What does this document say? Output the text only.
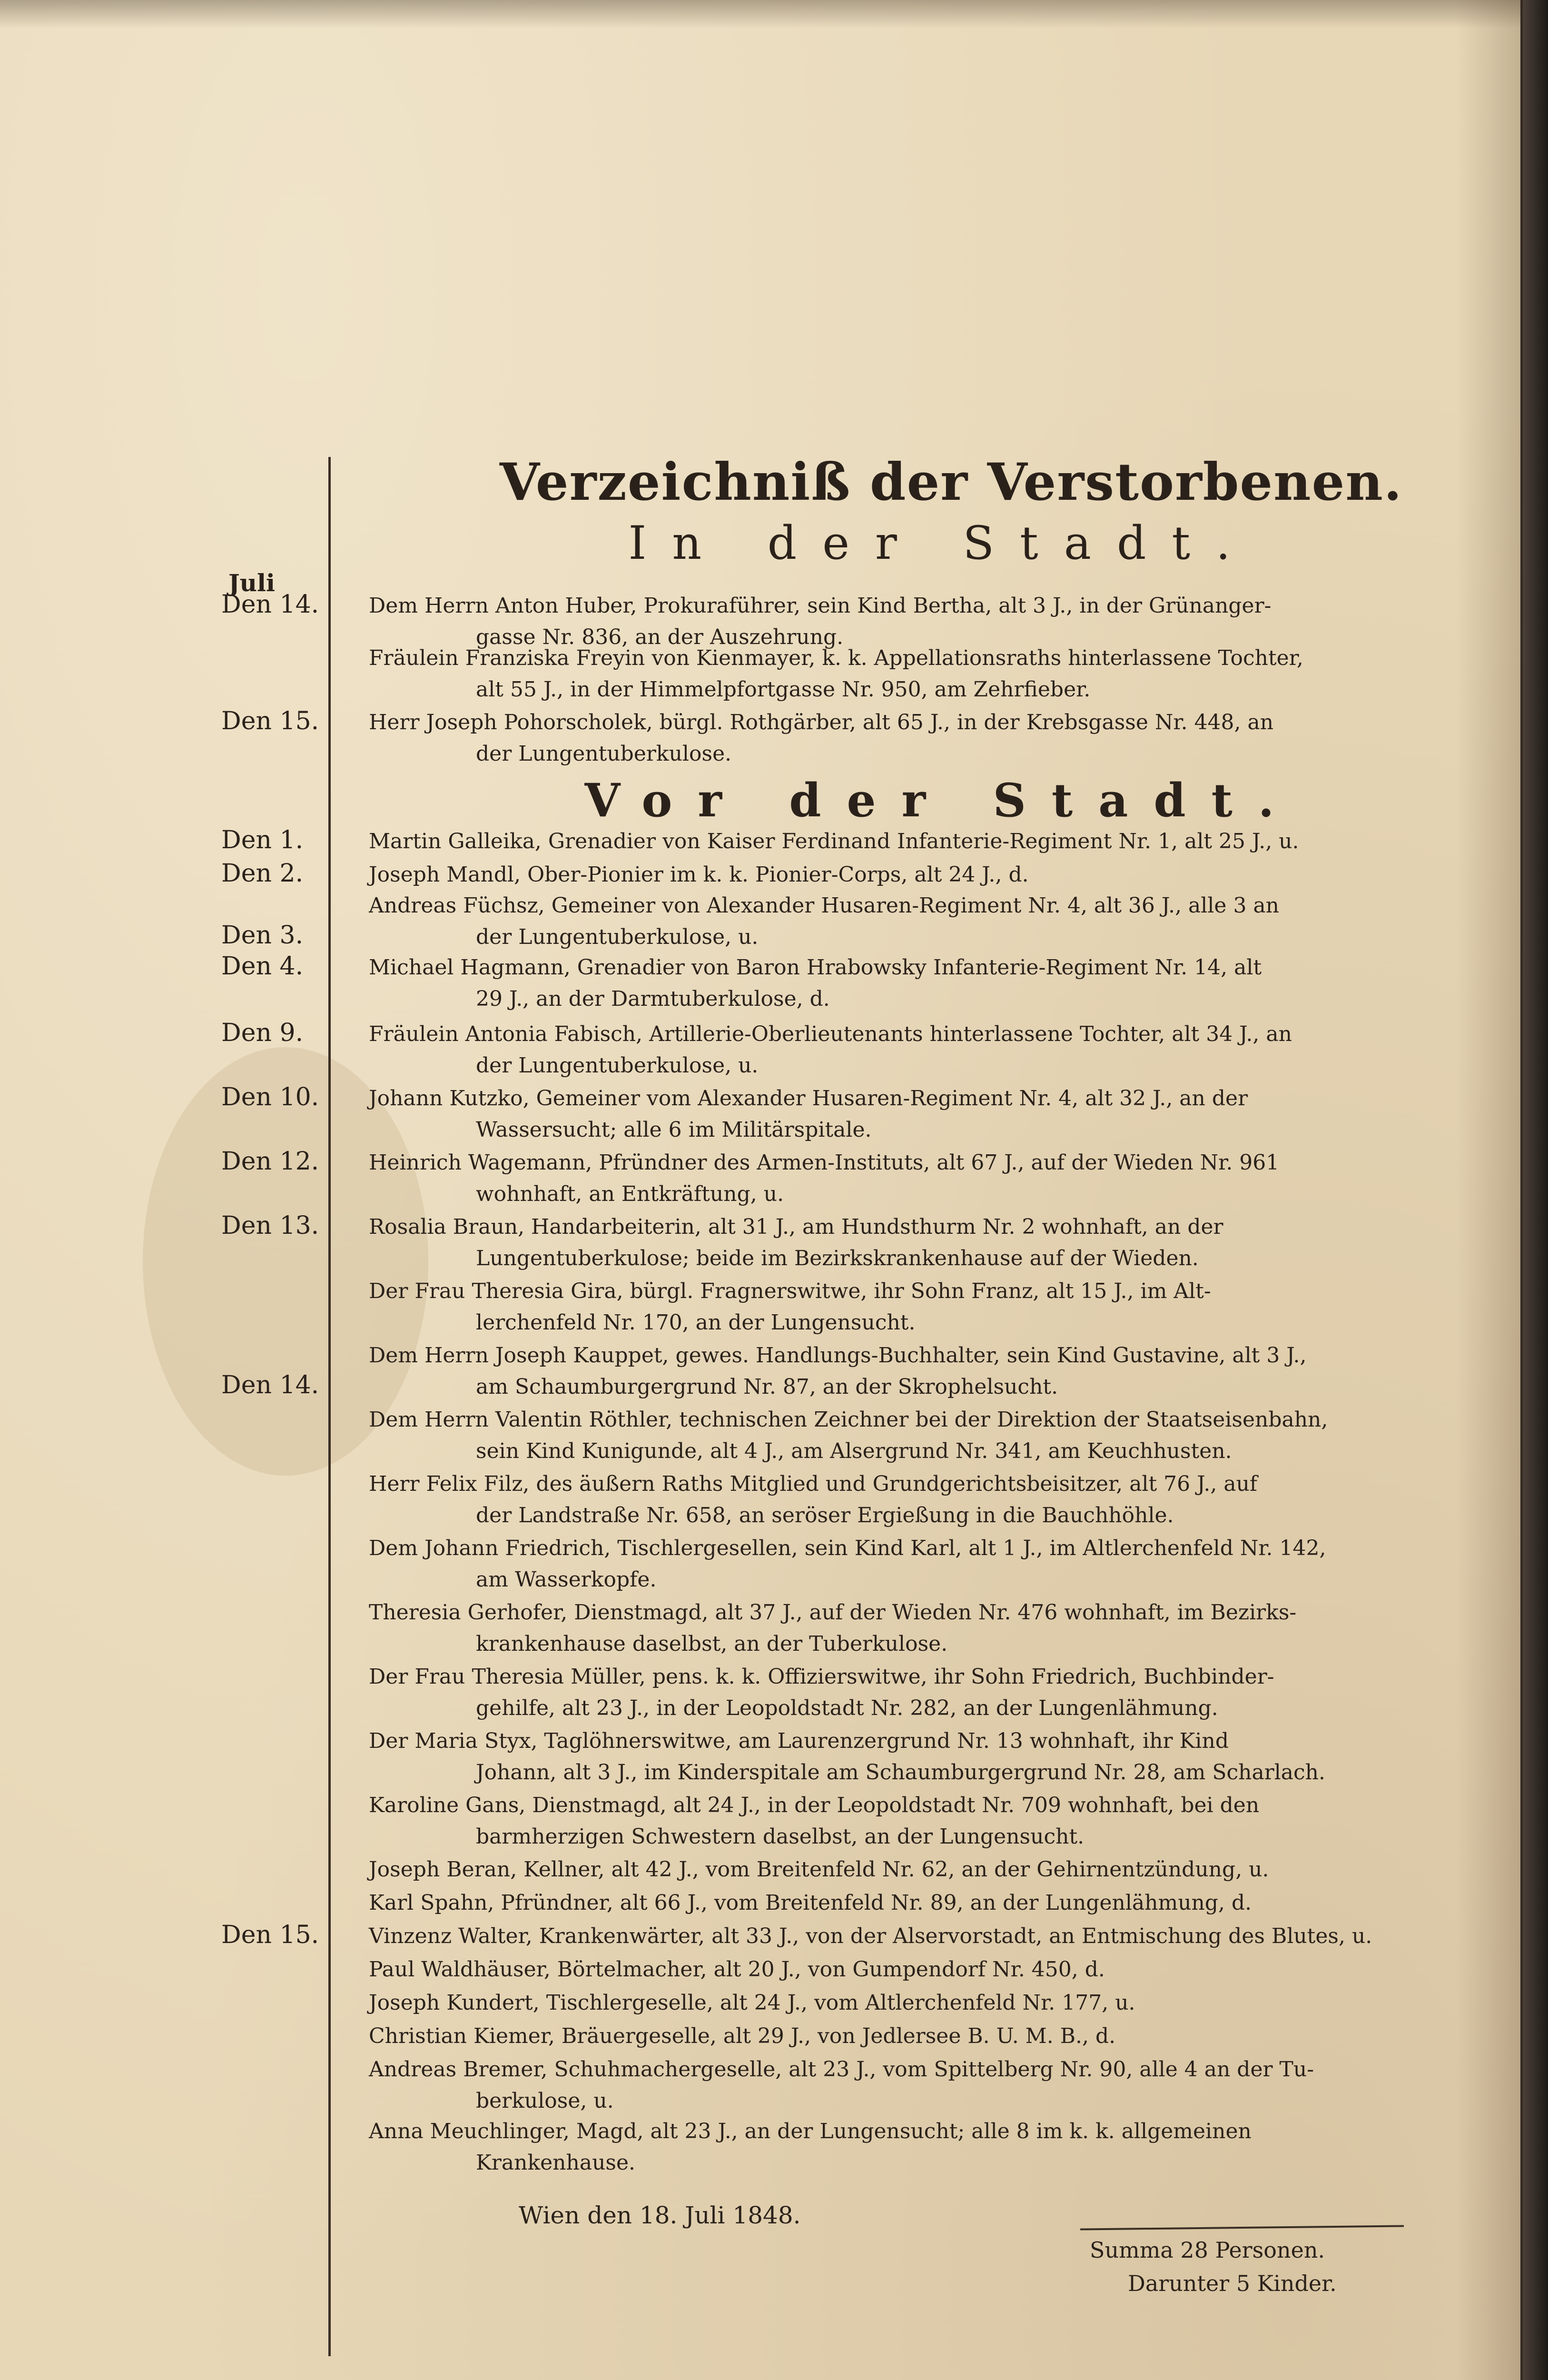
Verzeichniß der Verstorbenen.
In der Stadt.
Vor der Stadt.
Juli
Den 14.
Den 15.
Den 1.
Den 2.
Den 3.
Den 4.
Den 9.
Den 10.
Den 12.
Den 13.
Den 14.
Den 15.
Dem Herrn Anton Huber, Prokuraführer, sein Kind Bertha, alt 3 J., in der Grünanger-
gasse Nr. 836, an der Auszehrung.
Fräulein Franziska Freyin von Kienmayer, k. k. Appellationsraths hinterlassene Tochter,
alt 55 J., in der Himmelpfortgasse Nr. 950, am Zehrfieber.
Herr Joseph Pohorscholek, bürgl. Rothgärber, alt 65 J., in der Krebsgasse Nr. 448, an
der Lungentuberkulose.
Martin Galleika, Grenadier von Kaiser Ferdinand Infanterie-Regiment Nr. 1, alt 25 J., u.
Joseph Mandl, Ober-Pionier im k. k. Pionier-Corps, alt 24 J., d.
Andreas Füchsz, Gemeiner von Alexander Husaren-Regiment Nr. 4, alt 36 J., alle 3 an
der Lungentuberkulose, u.
Michael Hagmann, Grenadier von Baron Hrabowsky Infanterie-Regiment Nr. 14, alt
29 J., an der Darmtuberkulose, d.
Fräulein Antonia Fabisch, Artillerie-Oberlieutenants hinterlassene Tochter, alt 34 J., an
der Lungentuberkulose, u.
Johann Kutzko, Gemeiner vom Alexander Husaren-Regiment Nr. 4, alt 32 J., an der
Wassersucht; alle 6 im Militärspitale.
Heinrich Wagemann, Pfründner des Armen-Instituts, alt 67 J., auf der Wieden Nr. 961
wohnhaft, an Entkräftung, u.
Rosalia Braun, Handarbeiterin, alt 31 J., am Hundsthurm Nr. 2 wohnhaft, an der
Lungentuberkulose; beide im Bezirkskrankenhause auf der Wieden.
Der Frau Theresia Gira, bürgl. Fragnerswitwe, ihr Sohn Franz, alt 15 J., im Alt-
lerchenfeld Nr. 170, an der Lungensucht.
Dem Herrn Joseph Kauppet, gewes. Handlungs-Buchhalter, sein Kind Gustavine, alt 3 J.,
am Schaumburgergrund Nr. 87, an der Skrophelsucht.
Dem Herrn Valentin Röthler, technischen Zeichner bei der Direktion der Staatseisenbahn,
sein Kind Kunigunde, alt 4 J., am Alsergrund Nr. 341, am Keuchhusten.
Herr Felix Filz, des äußern Raths Mitglied und Grundgerichtsbeisitzer, alt 76 J., auf
der Landstraße Nr. 658, an seröser Ergießung in die Bauchhöhle.
Dem Johann Friedrich, Tischlergesellen, sein Kind Karl, alt 1 J., im Altlerchenfeld Nr. 142,
am Wasserkopfe.
Theresia Gerhofer, Dienstmagd, alt 37 J., auf der Wieden Nr. 476 wohnhaft, im Bezirks-
krankenhause daselbst, an der Tuberkulose.
Der Frau Theresia Müller, pens. k. k. Offizierswitwe, ihr Sohn Friedrich, Buchbinder-
gehilfe, alt 23 J., in der Leopoldstadt Nr. 282, an der Lungenlähmung.
Der Maria Styx, Taglöhnerswitwe, am Laurenzergrund Nr. 13 wohnhaft, ihr Kind
Johann, alt 3 J., im Kinderspitale am Schaumburgergrund Nr. 28, am Scharlach.
Karoline Gans, Dienstmagd, alt 24 J., in der Leopoldstadt Nr. 709 wohnhaft, bei den
barmherzigen Schwestern daselbst, an der Lungensucht.
Joseph Beran, Kellner, alt 42 J., vom Breitenfeld Nr. 62, an der Gehirnentzündung, u.
Karl Spahn, Pfründner, alt 66 J., vom Breitenfeld Nr. 89, an der Lungenlähmung, d.
Vinzenz Walter, Krankenwärter, alt 33 J., von der Alservorstadt, an Entmischung des Blutes, u.
Paul Waldhäuser, Börtelmacher, alt 20 J., von Gumpendorf Nr. 450, d.
Joseph Kundert, Tischlergeselle, alt 24 J., vom Altlerchenfeld Nr. 177, u.
Christian Kiemer, Bräuergeselle, alt 29 J., von Jedlersee B. U. M. B., d.
Andreas Bremer, Schuhmachergeselle, alt 23 J., vom Spittelberg Nr. 90, alle 4 an der Tu-
berkulose, u.
Anna Meuchlinger, Magd, alt 23 J., an der Lungensucht; alle 8 im k. k. allgemeinen
Krankenhause.
Wien den 18. Juli 1848.
Summa 28 Personen.
Darunter 5 Kinder.
